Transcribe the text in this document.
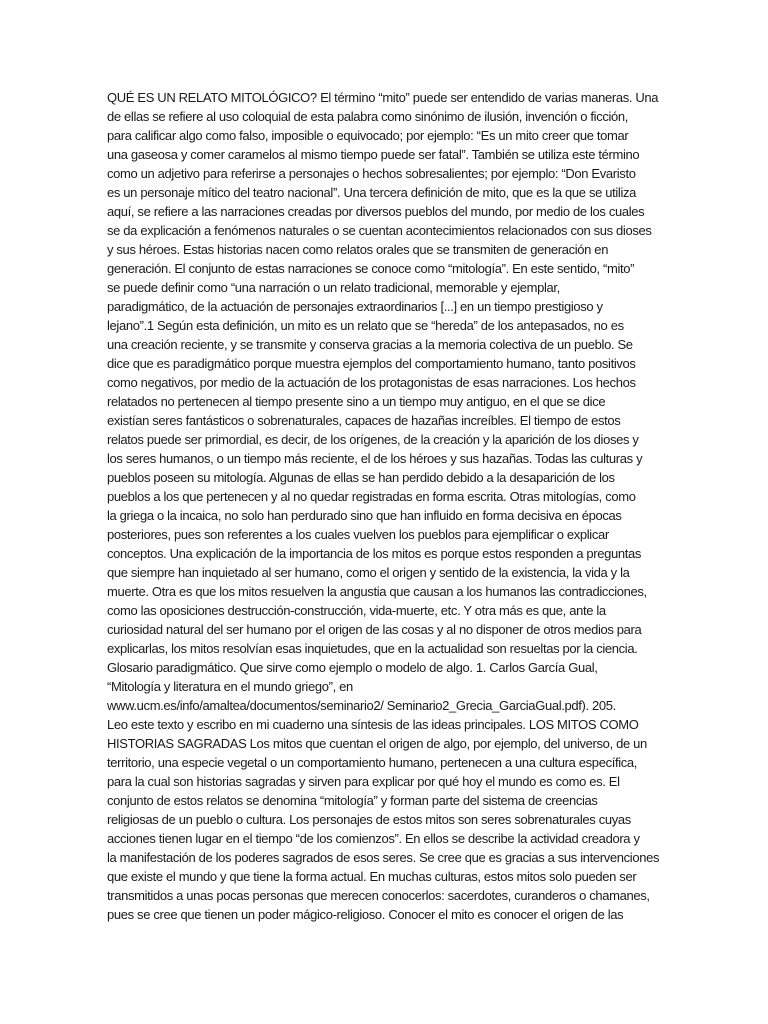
QUÉ ES UN RELATO MITOLÓGICO? El término “mito” puede ser entendido de varias maneras. Una
de ellas se refiere al uso coloquial de esta palabra como sinónimo de ilusión, invención o ficción,
para calificar algo como falso, imposible o equivocado; por ejemplo: “Es un mito creer que tomar
una gaseosa y comer caramelos al mismo tiempo puede ser fatal”. También se utiliza este término
como un adjetivo para referirse a personajes o hechos sobresalientes; por ejemplo: “Don Evaristo
es un personaje mítico del teatro nacional”. Una tercera definición de mito, que es la que se utiliza
aquí, se refiere a las narraciones creadas por diversos pueblos del mundo, por medio de los cuales
se da explicación a fenómenos naturales o se cuentan acontecimientos relacionados con sus dioses
y sus héroes. Estas historias nacen como relatos orales que se transmiten de generación en
generación. El conjunto de estas narraciones se conoce como “mitología”. En este sentido, “mito”
se puede definir como “una narración o un relato tradicional, memorable y ejemplar,
paradigmático, de la actuación de personajes extraordinarios [...] en un tiempo prestigioso y
lejano”.1 Según esta definición, un mito es un relato que se “hereda” de los antepasados, no es
una creación reciente, y se transmite y conserva gracias a la memoria colectiva de un pueblo. Se
dice que es paradigmático porque muestra ejemplos del comportamiento humano, tanto positivos
como negativos, por medio de la actuación de los protagonistas de esas narraciones. Los hechos
relatados no pertenecen al tiempo presente sino a un tiempo muy antiguo, en el que se dice
existían seres fantásticos o sobrenaturales, capaces de hazañas increíbles. El tiempo de estos
relatos puede ser primordial, es decir, de los orígenes, de la creación y la aparición de los dioses y
los seres humanos, o un tiempo más reciente, el de los héroes y sus hazañas. Todas las culturas y
pueblos poseen su mitología. Algunas de ellas se han perdido debido a la desaparición de los
pueblos a los que pertenecen y al no quedar registradas en forma escrita. Otras mitologías, como
la griega o la incaica, no solo han perdurado sino que han influido en forma decisiva en épocas
posteriores, pues son referentes a los cuales vuelven los pueblos para ejemplificar o explicar
conceptos. Una explicación de la importancia de los mitos es porque estos responden a preguntas
que siempre han inquietado al ser humano, como el origen y sentido de la existencia, la vida y la
muerte. Otra es que los mitos resuelven la angustia que causan a los humanos las contradicciones,
como las oposiciones destrucción-construcción, vida-muerte, etc. Y otra más es que, ante la
curiosidad natural del ser humano por el origen de las cosas y al no disponer de otros medios para
explicarlas, los mitos resolvían esas inquietudes, que en la actualidad son resueltas por la ciencia.
Glosario paradigmático. Que sirve como ejemplo o modelo de algo. 1. Carlos García Gual,
“Mitología y literatura en el mundo griego”, en
www.ucm.es/info/amaltea/documentos/seminario2/ Seminario2_Grecia_GarciaGual.pdf). 205.
Leo este texto y escribo en mi cuaderno una síntesis de las ideas principales. LOS MITOS COMO
HISTORIAS SAGRADAS Los mitos que cuentan el origen de algo, por ejemplo, del universo, de un
territorio, una especie vegetal o un comportamiento humano, pertenecen a una cultura específica,
para la cual son historias sagradas y sirven para explicar por qué hoy el mundo es como es. El
conjunto de estos relatos se denomina “mitología” y forman parte del sistema de creencias
religiosas de un pueblo o cultura. Los personajes de estos mitos son seres sobrenaturales cuyas
acciones tienen lugar en el tiempo “de los comienzos”. En ellos se describe la actividad creadora y
la manifestación de los poderes sagrados de esos seres. Se cree que es gracias a sus intervenciones
que existe el mundo y que tiene la forma actual. En muchas culturas, estos mitos solo pueden ser
transmitidos a unas pocas personas que merecen conocerlos: sacerdotes, curanderos o chamanes,
pues se cree que tienen un poder mágico-religioso. Conocer el mito es conocer el origen de las
